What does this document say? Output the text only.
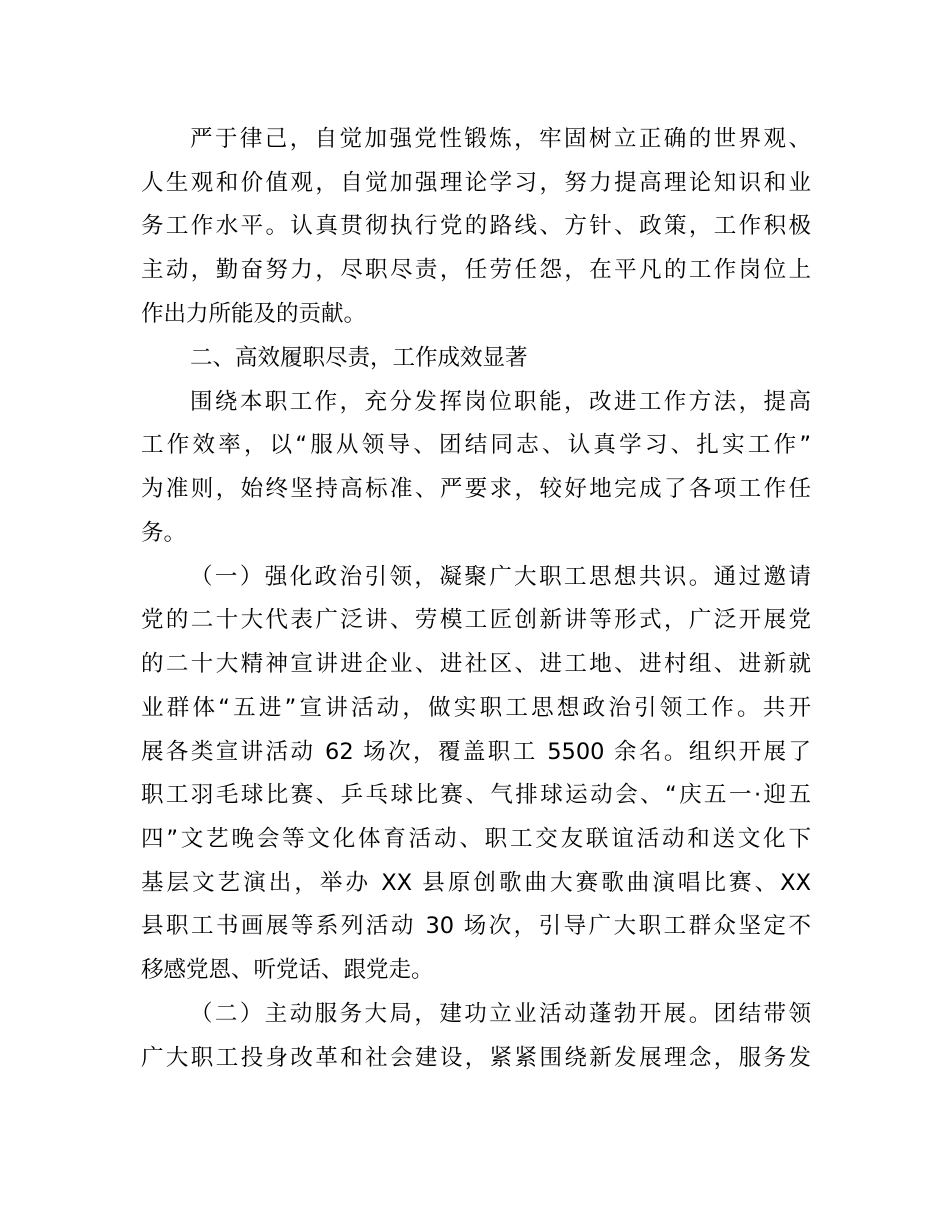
严于律己，自觉加强党性锻炼，牢固树立正确的世界观、
人生观和价值观，自觉加强理论学习，努力提高理论知识和业
务工作水平。认真贯彻执行党的路线、方针、政策，工作积极
主动，勤奋努力，尽职尽责，任劳任怨，在平凡的工作岗位上
作出力所能及的贡献。
二、高效履职尽责，工作成效显著
围绕本职工作，充分发挥岗位职能，改进工作方法，提高
工作效率，以“服从领导、团结同志、认真学习、扎实工作”
为准则，始终坚持高标准、严要求，较好地完成了各项工作任
务。
（一）强化政治引领，凝聚广大职工思想共识。通过邀请
党的二十大代表广泛讲、劳模工匠创新讲等形式，广泛开展党
的二十大精神宣讲进企业、进社区、进工地、进村组、进新就
业群体“五进”宣讲活动，做实职工思想政治引领工作。共开
展各类宣讲活动 62 场次，覆盖职工 5500 余名。组织开展了
职工羽毛球比赛、乒乓球比赛、气排球运动会、“庆五一·迎五
四”文艺晚会等文化体育活动、职工交友联谊活动和送文化下
基层文艺演出，举办 XX 县原创歌曲大赛歌曲演唱比赛、XX
县职工书画展等系列活动 30 场次，引导广大职工群众坚定不
移感党恩、听党话、跟党走。
（二）主动服务大局，建功立业活动蓬勃开展。团结带领
广大职工投身改革和社会建设，紧紧围绕新发展理念，服务发
